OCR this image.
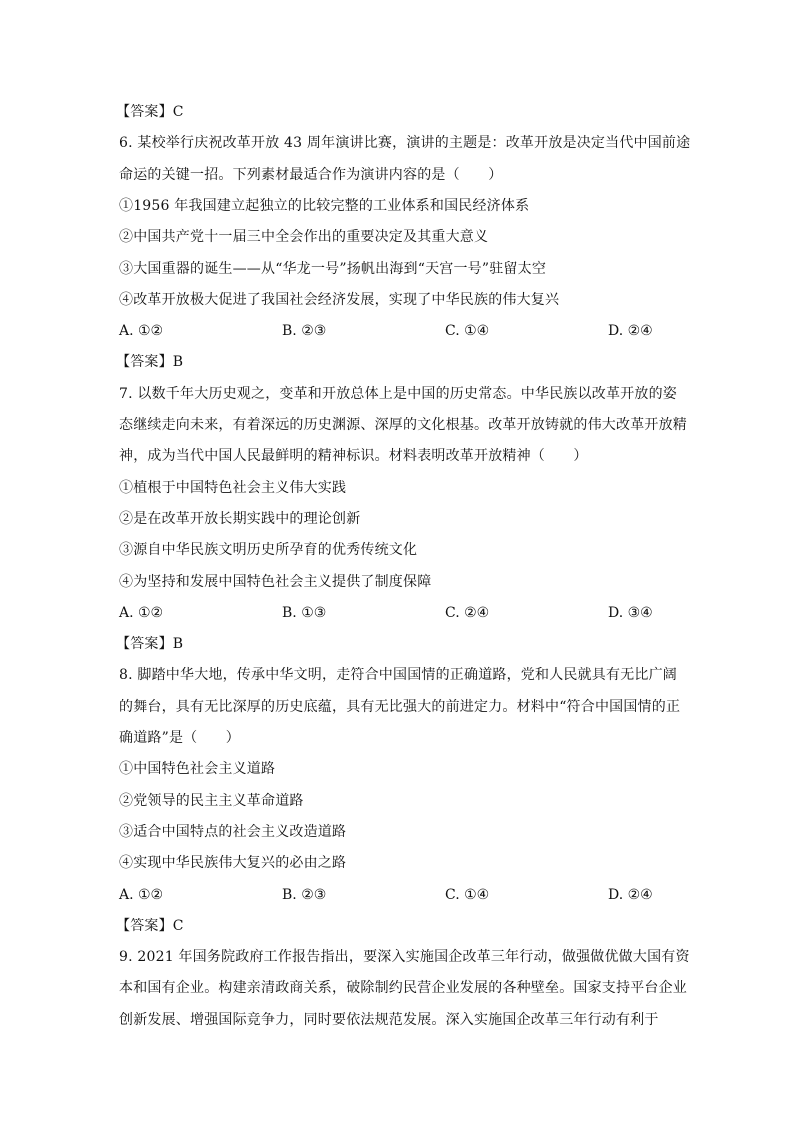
【答案】C
6. 某校举行庆祝改革开放 43 周年演讲比赛，演讲的主题是：改革开放是决定当代中国前途
命运的关键一招。下列素材最适合作为演讲内容的是（　　）
①1956 年我国建立起独立的比较完整的工业体系和国民经济体系
②中国共产党十一届三中全会作出的重要决定及其重大意义
③大国重器的诞生——从“华龙一号”扬帆出海到“天宫一号”驻留太空
④改革开放极大促进了我国社会经济发展，实现了中华民族的伟大复兴
A. ①②	B. ②③	C. ①④	D. ②④
【答案】B
7. 以数千年大历史观之，变革和开放总体上是中国的历史常态。中华民族以改革开放的姿
态继续走向未来，有着深远的历史渊源、深厚的文化根基。改革开放铸就的伟大改革开放精
神，成为当代中国人民最鲜明的精神标识。材料表明改革开放精神（　　）
①植根于中国特色社会主义伟大实践
②是在改革开放长期实践中的理论创新
③源自中华民族文明历史所孕育的优秀传统文化
④为坚持和发展中国特色社会主义提供了制度保障
A. ①②	B. ①③	C. ②④	D. ③④
【答案】B
8. 脚踏中华大地，传承中华文明，走符合中国国情的正确道路，党和人民就具有无比广阔
的舞台，具有无比深厚的历史底蕴，具有无比强大的前进定力。材料中“符合中国国情的正
确道路”是（　　）
①中国特色社会主义道路
②党领导的民主主义革命道路
③适合中国特点的社会主义改造道路
④实现中华民族伟大复兴的必由之路
A. ①②	B. ②③	C. ①④	D. ②④
【答案】C
9. 2021 年国务院政府工作报告指出，要深入实施国企改革三年行动，做强做优做大国有资
本和国有企业。构建亲清政商关系，破除制约民营企业发展的各种壁垒。国家支持平台企业
创新发展、增强国际竞争力，同时要依法规范发展。深入实施国企改革三年行动有利于
